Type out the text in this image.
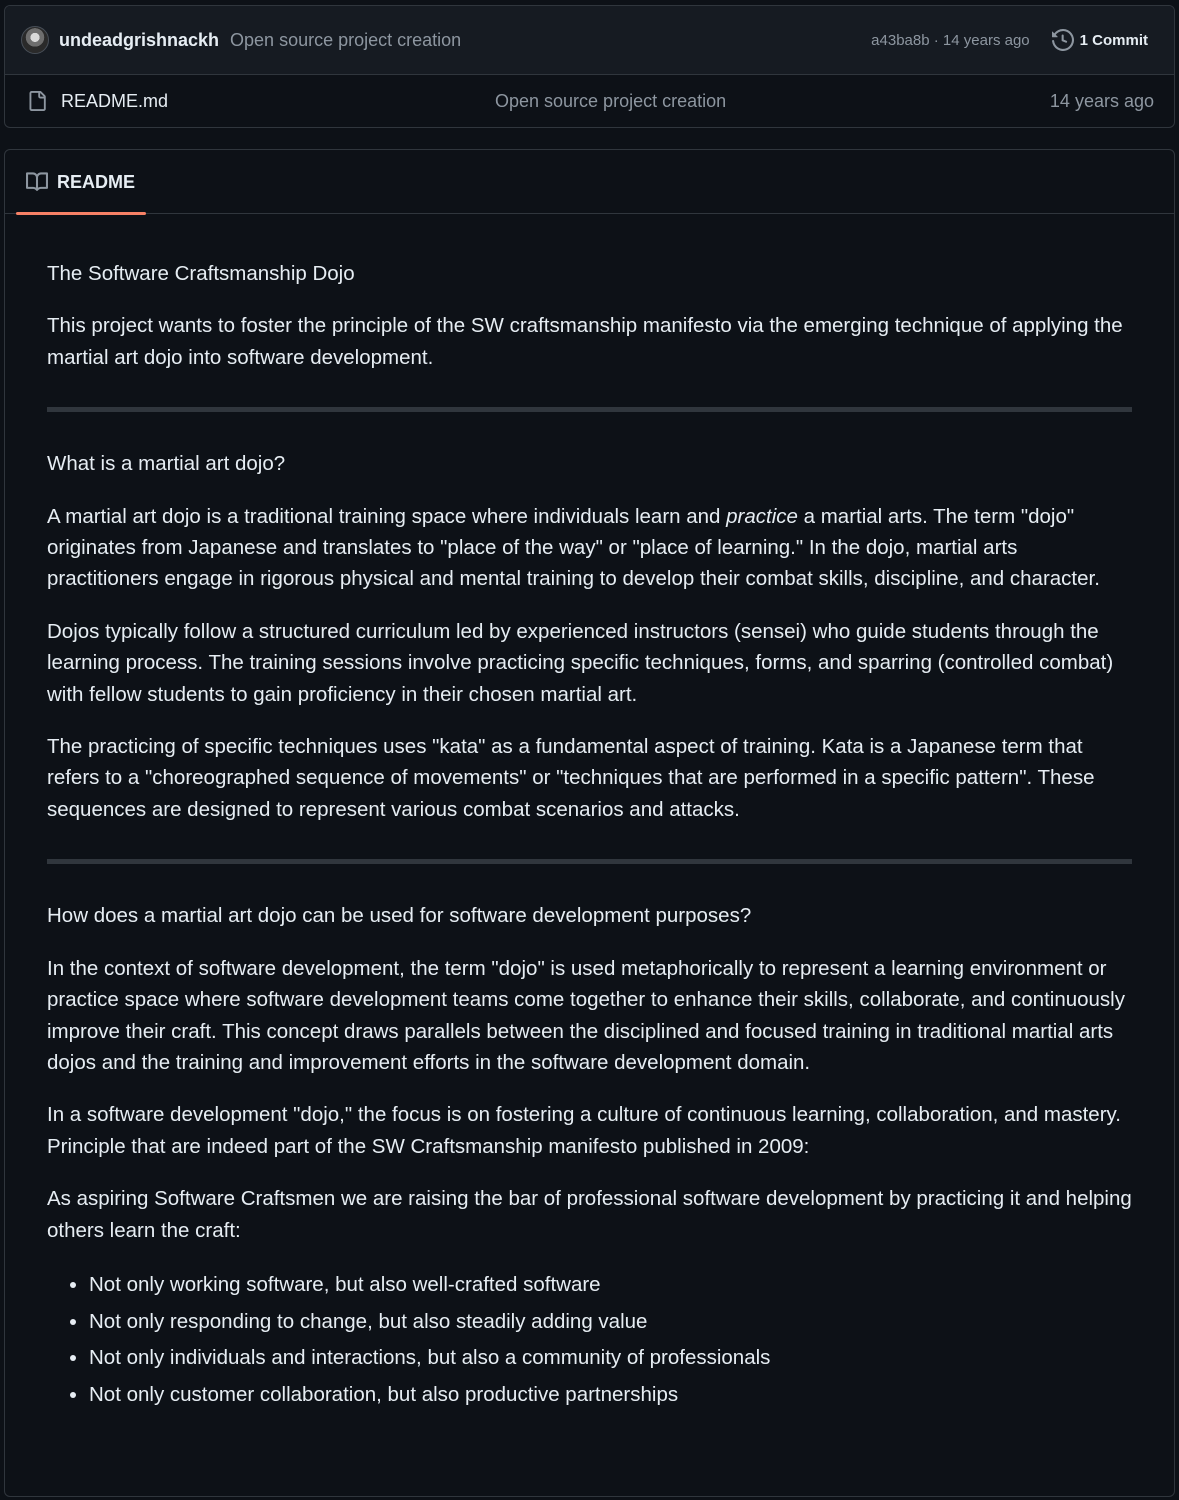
undeadgrishnackh Open source project creation	a43ba8b · 14 years ago	1 Commit
README.md	Open source project creation	14 years ago
README

The Software Craftsmanship Dojo

This project wants to foster the principle of the SW craftsmanship manifesto via the emerging technique of applying the martial art dojo into software development.

What is a martial art dojo?

A martial art dojo is a traditional training space where individuals learn and practice a martial arts. The term "dojo" originates from Japanese and translates to "place of the way" or "place of learning." In the dojo, martial arts practitioners engage in rigorous physical and mental training to develop their combat skills, discipline, and character.

Dojos typically follow a structured curriculum led by experienced instructors (sensei) who guide students through the learning process. The training sessions involve practicing specific techniques, forms, and sparring (controlled combat) with fellow students to gain proficiency in their chosen martial art.

The practicing of specific techniques uses "kata" as a fundamental aspect of training. Kata is a Japanese term that refers to a "choreographed sequence of movements" or "techniques that are performed in a specific pattern". These sequences are designed to represent various combat scenarios and attacks.

How does a martial art dojo can be used for software development purposes?

In the context of software development, the term "dojo" is used metaphorically to represent a learning environment or practice space where software development teams come together to enhance their skills, collaborate, and continuously improve their craft. This concept draws parallels between the disciplined and focused training in traditional martial arts dojos and the training and improvement efforts in the software development domain.

In a software development "dojo," the focus is on fostering a culture of continuous learning, collaboration, and mastery. Principle that are indeed part of the SW Craftsmanship manifesto published in 2009:

As aspiring Software Craftsmen we are raising the bar of professional software development by practicing it and helping others learn the craft:

• Not only working software, but also well-crafted software
• Not only responding to change, but also steadily adding value
• Not only individuals and interactions, but also a community of professionals
• Not only customer collaboration, but also productive partnerships
